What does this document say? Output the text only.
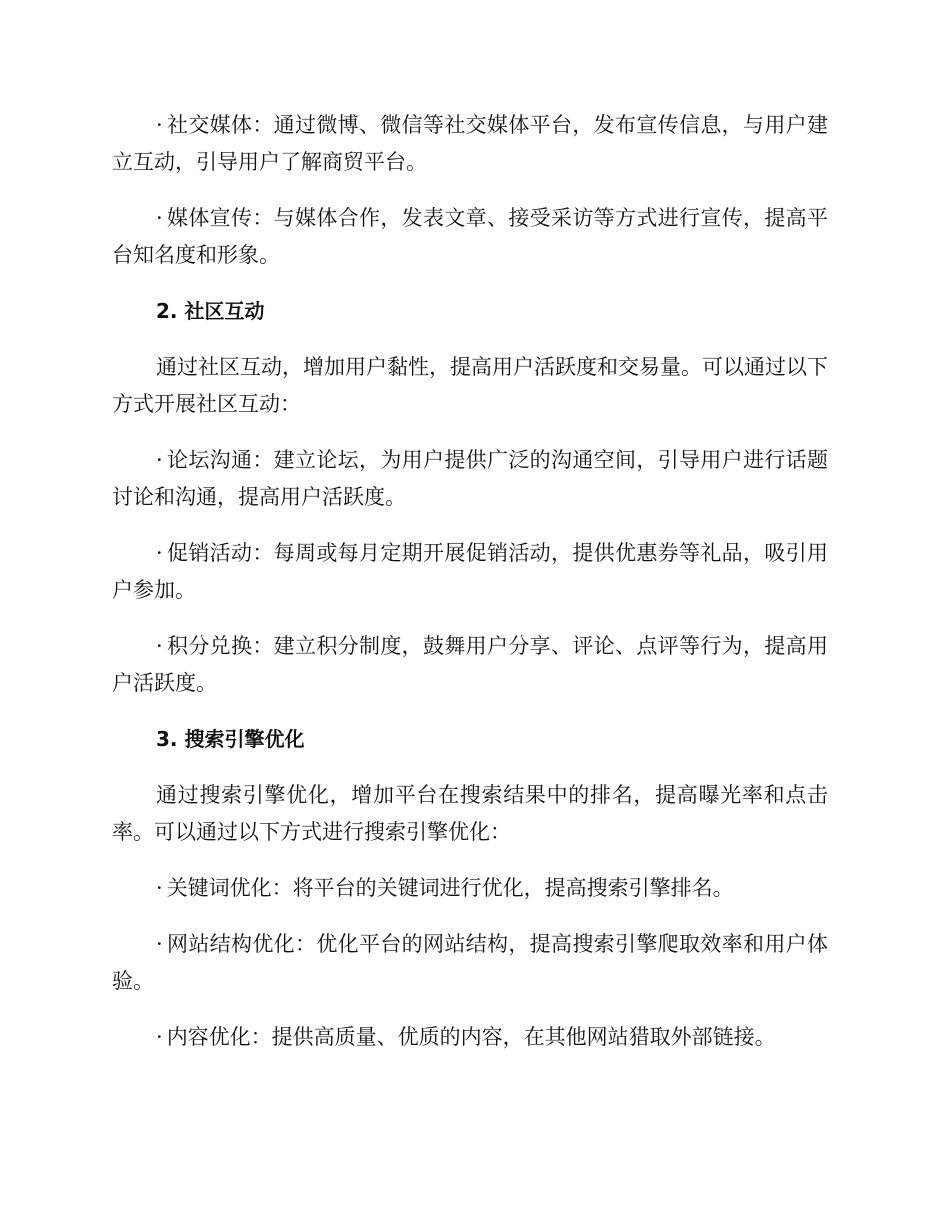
· 社交媒体：通过微博、微信等社交媒体平台，发布宣传信息，与用户建立互动，引导用户了解商贸平台。

· 媒体宣传：与媒体合作，发表文章、接受采访等方式进行宣传，提高平台知名度和形象。

2. 社区互动

通过社区互动，增加用户黏性，提高用户活跃度和交易量。可以通过以下方式开展社区互动：

· 论坛沟通：建立论坛，为用户提供广泛的沟通空间，引导用户进行话题讨论和沟通，提高用户活跃度。

· 促销活动：每周或每月定期开展促销活动，提供优惠券等礼品，吸引用户参加。

· 积分兑换：建立积分制度，鼓舞用户分享、评论、点评等行为，提高用户活跃度。

3. 搜索引擎优化

通过搜索引擎优化，增加平台在搜索结果中的排名，提高曝光率和点击率。可以通过以下方式进行搜索引擎优化：

· 关键词优化：将平台的关键词进行优化，提高搜索引擎排名。

· 网站结构优化：优化平台的网站结构，提高搜索引擎爬取效率和用户体验。

· 内容优化：提供高质量、优质的内容，在其他网站猎取外部链接。
